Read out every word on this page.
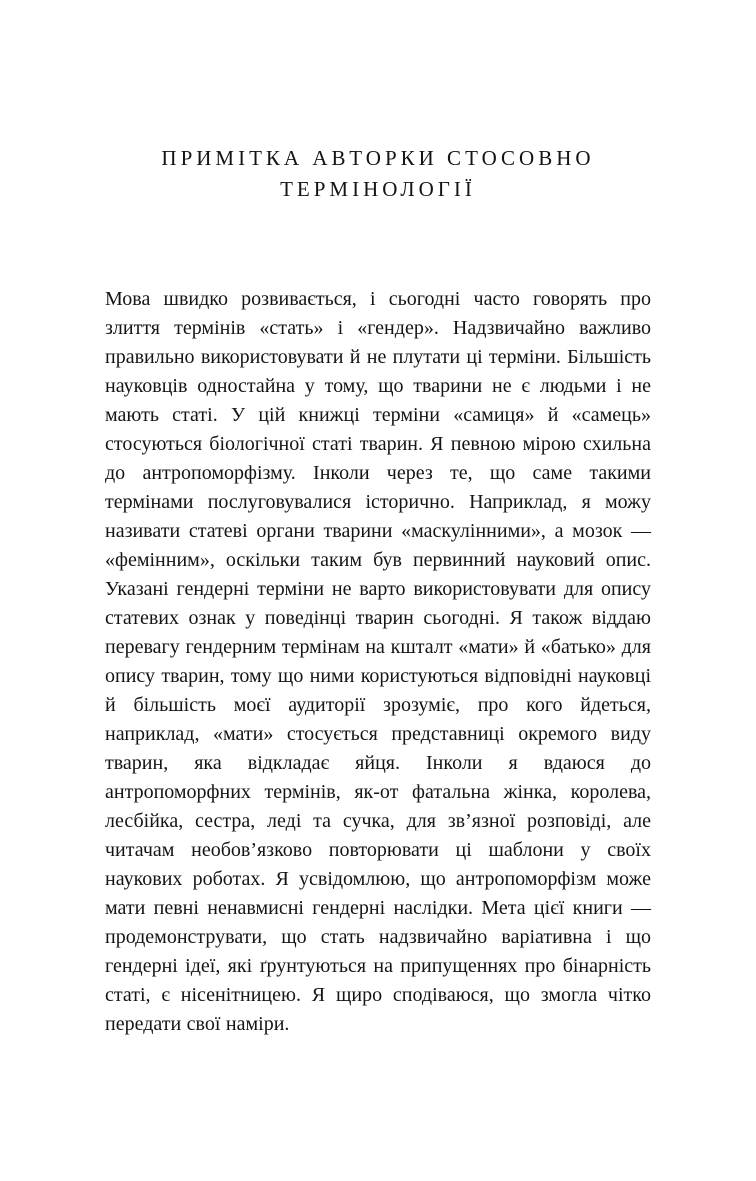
ПРИМІТКА АВТОРКИ СТОСОВНО
ТЕРМІНОЛОГІЇ

Мова швидко розвивається, і сьогодні часто говорять про злиття термінів «стать» і «гендер». Надзвичайно важливо правильно використовувати й не плутати ці терміни. Більшість науковців одностайна у тому, що тварини не є людьми і не мають статі. У цій книжці терміни «самиця» й «самець» стосуються біологічної статі тварин. Я певною мірою схильна до антропоморфізму. Інколи через те, що саме такими термінами послуговувалися історично. Наприклад, я можу називати статеві органи тварини «маскулінними», а мозок — «фемінним», оскільки таким був первинний науковий опис. Указані гендерні терміни не варто використовувати для опису статевих ознак у поведінці тварин сьогодні. Я також віддаю перевагу гендерним термінам на кшталт «мати» й «батько» для опису тварин, тому що ними користуються відповідні науковці й більшість моєї аудиторії зрозуміє, про кого йдеться, наприклад, «мати» стосується представниці окремого виду тварин, яка відкладає яйця. Інколи я вдаюся до антропоморфних термінів, як-от фатальна жінка, королева, лесбійка, сестра, леді та сучка, для зв’язної розповіді, але читачам необов’язково повторювати ці шаблони у своїх наукових роботах. Я усвідомлюю, що антропоморфізм може мати певні ненавмисні гендерні наслідки. Мета цієї книги — продемонструвати, що стать надзвичайно варіативна і що гендерні ідеї, які ґрунтуються на припущеннях про бінарність статі, є нісенітницею. Я щиро сподіваюся, що змогла чітко передати свої наміри.
